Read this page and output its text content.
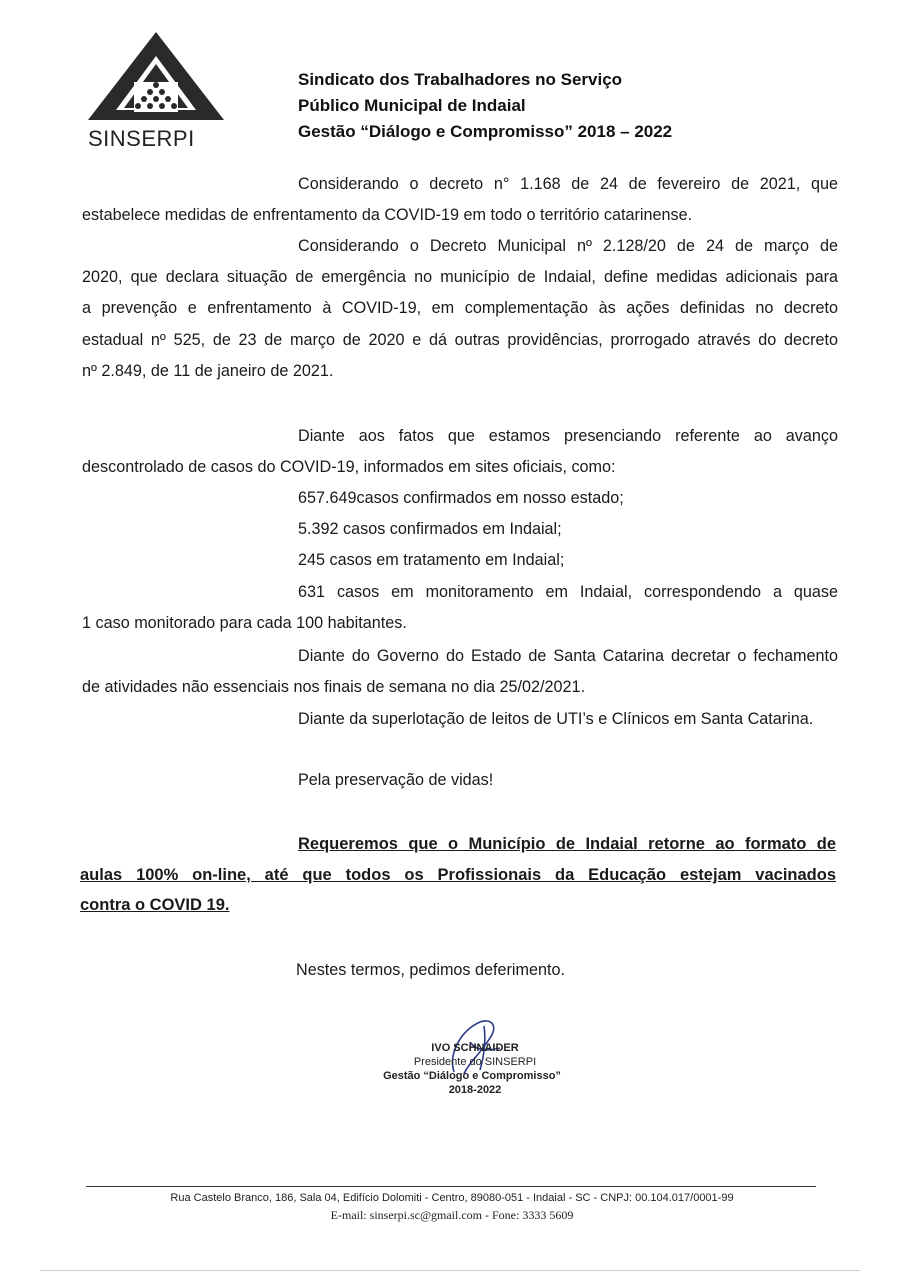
SINSERPI
Sindicato dos Trabalhadores no Serviço
Público Municipal de Indaial
Gestão “Diálogo e Compromisso” 2018 – 2022
Considerando o decreto n° 1.168 de 24 de fevereiro de 2021, que
estabelece medidas de enfrentamento da COVID-19 em todo o território catarinense.
Considerando o Decreto Municipal nº 2.128/20 de 24 de março de
2020, que declara situação de emergência no município de Indaial, define medidas adicionais para
a prevenção e enfrentamento à COVID-19, em complementação às ações definidas no decreto
estadual nº 525, de 23 de março de 2020 e dá outras providências, prorrogado através do decreto
nº 2.849, de 11 de janeiro de 2021.
Diante aos fatos que estamos presenciando referente ao avanço
descontrolado de casos do COVID-19, informados em sites oficiais, como:
657.649casos confirmados em nosso estado;
5.392 casos confirmados em Indaial;
245 casos em tratamento em Indaial;
631 casos em monitoramento em Indaial, correspondendo a quase
1 caso monitorado para cada 100 habitantes.
Diante do Governo do Estado de Santa Catarina decretar o fechamento
de atividades não essenciais nos finais de semana no dia 25/02/2021.
Diante da superlotação de leitos de UTI’s e Clínicos em Santa Catarina.
Pela preservação de vidas!
Requeremos que o Município de Indaial retorne ao formato de
aulas 100% on-line, até que todos os Profissionais da Educação estejam vacinados
contra o COVID 19.
Nestes termos, pedimos deferimento.
IVO SCHNAIDER
Presidente do SINSERPI
Gestão “Diálogo e Compromisso”
2018-2022
Rua Castelo Branco, 186, Sala 04, Edifício Dolomiti - Centro, 89080-051 - Indaial - SC - CNPJ: 00.104.017/0001-99
E-mail: sinserpi.sc@gmail.com - Fone: 3333 5609
